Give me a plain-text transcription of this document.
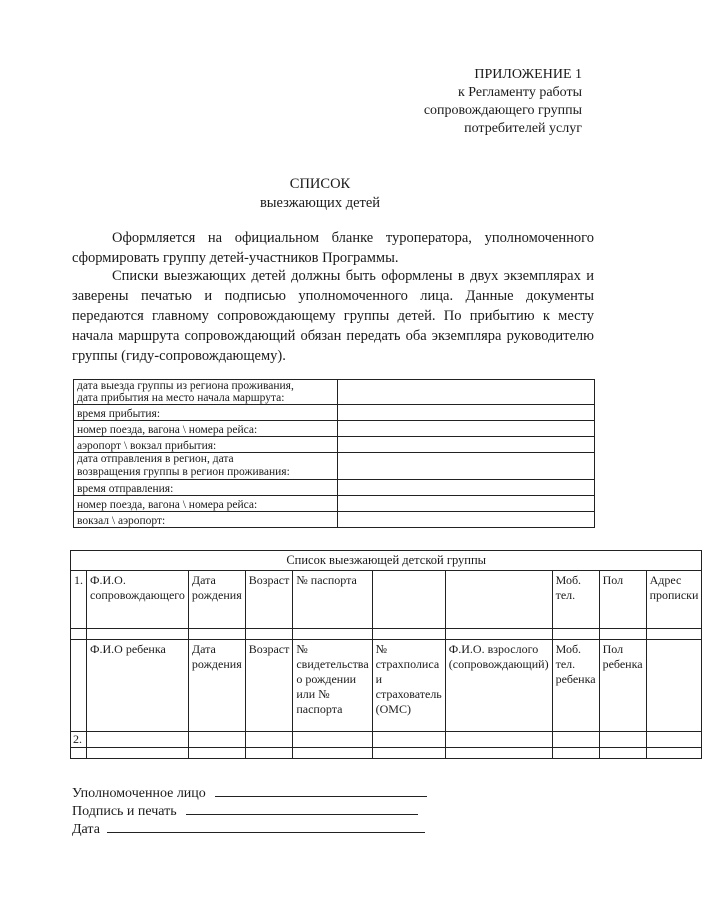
ПРИЛОЖЕНИЕ 1
к Регламенту работы
сопровождающего группы
потребителей услуг
СПИСОК
выезжающих детей
Оформляется на официальном бланке туроператора, уполномоченного сформировать группу детей-участников Программы.
Списки выезжающих детей должны быть оформлены в двух экземплярах и заверены печатью и подписью уполномоченного лица. Данные документы передаются главному сопровождающему группы детей. По прибытию к месту начала маршрута сопровождающий обязан передать оба экземпляра руководителю группы (гиду-сопровождающему).
дата выезда группы из региона проживания,
дата прибытия на место начала маршрута:	
время прибытия:	
номер поезда, вагона \ номера рейса:	
аэропорт \ вокзал прибытия:	
дата отправления в регион, дата
возвращения группы в регион проживания:	
время отправления:	
номер поезда, вагона \ номера рейса:	
вокзал \ аэропорт:	
Список выезжающей детской группы									
1.	Ф.И.О. сопровождающего	Дата рождения	Возраст	№ паспорта			Моб. тел.	Пол	Адрес прописки

	Ф.И.О ребенка	Дата рождения	Возраст	№ свидетельства о рождении или № паспорта	№ страхполиса и страхователь (ОМС)	Ф.И.О. взрослого (сопровождающий)	Моб. тел. ребенка	Пол ребенка	
2.									

Уполномоченное лицо
Подпись и печать
Дата
